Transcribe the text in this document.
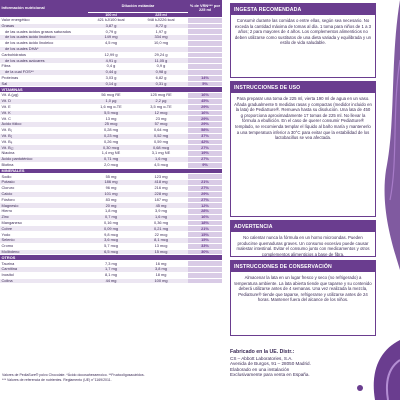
Información nutricional	Dilución estándar		% de VRN*** por 225 ml
	100 ml	225 ml	
Valor energético	421 kJ/100 kcal	948 kJ/226 kcal	
Grasas	3,87 g	8,72 g	
de las cuales ácidos grasos saturados	0,79 g	1,97 g	
de los cuales ácido linolénico	149 mg	334 mg	
de los cuales ácido linoleico	4,5 mg	10,0 mg	
de los cuales DHA*			
Carbohidratos	12,99 g	29,24 g	
de los cuales azúcares	4,91 g	11,05 g	
Fibra	0,4 g	0,9 g	
de la cual FOS**	0,44 g	0,98 g	
Proteínas	3,03 g	6,82 g	14%
Sal	0,14 g	0,31 g	5%
VITAMINAS			
Vit. A (µg)	56 mcg RE	125 mcg RE	16%
Vit. D	1,0 µg	2,2 µg	45%
Vit. E	1,6 mg α-TE	3,5 mg α-TE	29%
Vit. K	5,5 mcg	12 mcg	16%
Vit. C	13 mg	23 mg	29%
Ácido fólico	25 mcg	57 mcg	29%
Vit. B₁	0,28 mg	0,64 mg	58%
Vit. B₂	0,23 mg	0,52 mg	37%
Vit. B₆	0,26 mg	0,59 mg	42%
Vit. B₁₂	0,30 mcg	0,68 mcg	27%
Niacina	1,4 mg NE	3,1 mg NE	19%
Ácido pantoténico	0,71 mg	1,6 mg	27%
Biotina	2,0 mcg	4,5 mcg	9%
MINERALES			
Sodio	55 mg	123 mg	
Potasio	186 mg	418 mg	21%
Cloruro	96 mg	216 mg	27%
Calcio	101 mg	228 mg	29%
Fósforo	83 mg	187 mg	27%
Magnesio	20 mg	45 mg	12%
Hierro	1,8 mg	3,9 mg	28%
Zinc	0,7 mg	1,6 mg	16%
Manganeso	0,16 mg	0,36 mg	18%
Cobre	0,09 mg	0,21 mg	21%
Yodo	9,8 mcg	22 mcg	15%
Selenio	3,6 mcg	8,1 mcg	15%
Cromo	5,7 mcg	13 mcg	33%
Molibdeno	6,5 mcg	15 mcg	30%
OTROS			
Taurina	7,3 mg	16 mg	
Carnitina	1,7 mg	3,8 mg	
Inositol	8,1 mg	18 mg	
Colina	44 mg	100 mg	
Valores de PediaSure® polvo Chocolate. *Ácido docosahexaenoico. **Fructooligosacáridos.
*** Valores de referencia de nutrientes. Reglamento (UE) n°1169/2011.
INGESTA RECOMENDADA
Consumir durante las comidas o entre ellas, según sea necesario. No exceda la cantidad máxima de tomas al día. 1 toma para niños de 1 a 3 años; 2 para mayores de 4 años. Los complementos alimenticios no deben utilizarse como sustitutos de una dieta variada y equilibrada y un estilo de vida saludable.
INSTRUCCIONES DE USO
Para preparar una toma de 225 ml, vierta 190 ml de agua en un vaso. Añada gradualmente 5 medidas rasas y compactas (medidor incluido en la lata) de PediaSure®. Remueva hasta su disolución. Una lata de 450 g proporciona aproximadamente 17 tomas de 225 ml. No llevar la fórmula a ebullición. En el caso de querer consumir PediaSure® templado, se recomienda templar el líquido al baño maría y mantenerlo a una temperatura inferior a 30°C para evitar que la estabilidad de los lactobacillus se vea afectada.
ADVERTENCIA
No calentar nunca la fórmula en un horno microondas. Pueden producirse quemaduras graves. Un consumo excesivo puede causar malestar intestinal. Evitar el consumo junto con medicamentos y otros complementos alimenticios a base de fibra.
INSTRUCCIONES DE CONSERVACIÓN
Almacenar la lata en un lugar fresco y seco (no refrigerado) a temperatura ambiente. La lata abierta tiende que taparse y su contenido deberá utilizarse antes de 4 semanas. Una vez realizada la mezcla, PediaSure® tiende que taparse, refrigerarse y utilizarse antes de 24 horas. Mantener fuera del alcance de los niños.
Fabricado en la UE. Distr.:
CS – Abbott Laboratories, S.A.
Avenida de Burgos, 91 – 28050 Madrid.
Elaborado en una instalación
Exclusivamente para venta en España.
